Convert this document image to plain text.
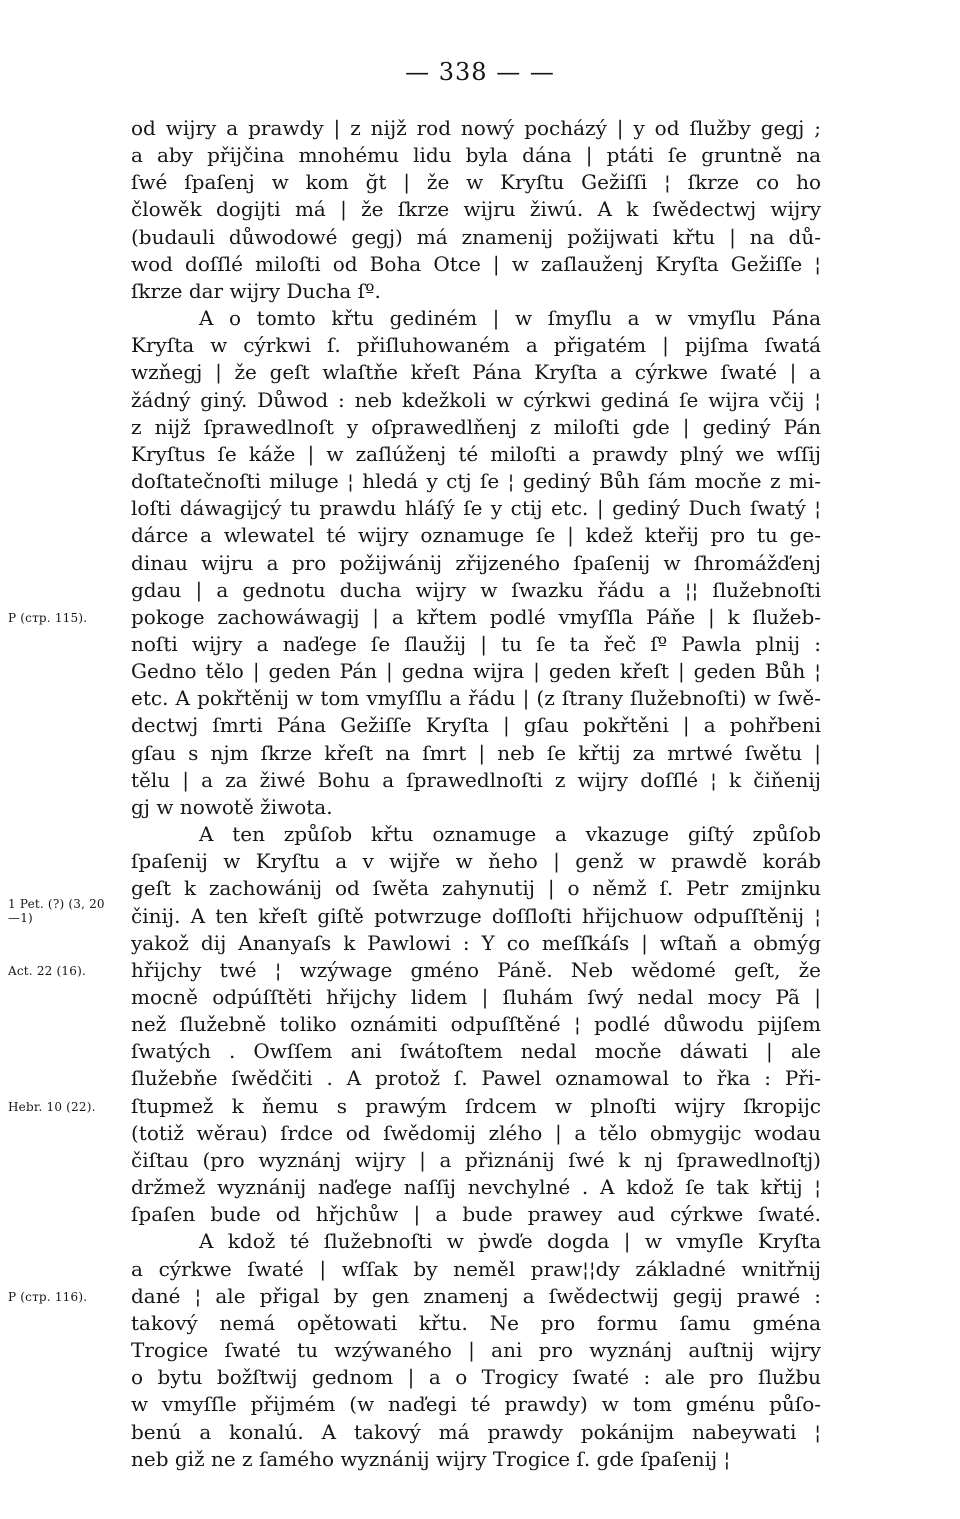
— 338 — —
od wijry a prawdy | z nijž rod nowý pocházý | y od ſlužby gegj ;
a aby přijčina mnohému lidu byla dána | ptáti ſe gruntně na
ſwé ſpaſenj w kom ğt | že w Kryſtu Gežiſſi ¦ ſkrze co ho
člowěk dogijti má | že ſkrze wijru žiwú. A k ſwědectwj wijry
(budauli důwodowé gegj) má znamenij požijwati křtu | na dů-
wod doſſlé miloſti od Boha Otce | w zaſlauženj Kryſta Gežiſſe ¦
ſkrze dar wijry Ducha ſº.
A o tomto křtu gediném | w ſmyſlu a w vmyſlu Pána
Kryſta w cýrkwi ſ. přiſluhowaném a přigatém | pijſma ſwatá
wzňegj | že geſt wlaſtňe křeſt Pána Kryſta a cýrkwe ſwaté | a
žádný giný. Důwod : neb kdežkoli w cýrkwi gediná ſe wijra včij ¦
z nijž ſprawedlnoſt y oſprawedlňenj z miloſti gde | gediný Pán
Kryſtus ſe káže | w zaſlúženj té miloſti a prawdy plný we wſſij
doſtatečnoſti miluge ¦ hledá y ctj ſe ¦ gediný Bůh ſám mocňe z mi-
loſti dáwagijcý tu prawdu hláſý ſe y ctij etc. | gediný Duch ſwatý ¦
dárce a wlewatel té wijry oznamuge ſe | kdež kteřij pro tu ge-
dinau wijru a pro požijwánij zřijzeného ſpaſenij w ſhromážďenj
gdau | a gednotu ducha wijry w ſwazku řádu a ¦¦ ſlužebnoſti
pokoge zachowáwagij | a křtem podlé vmyſſla Páňe | k ſlužeb-
noſti wijry a naďege ſe ſlaužij | tu ſe ta řeč ſº Pawla plnij :
Gedno tělo | geden Pán | gedna wijra | geden křeſt | geden Bůh ¦
etc. A pokřtěnij w tom vmyſſlu a řádu | (z ſtrany ſlužebnoſti) w ſwě-
dectwj ſmrti Pána Gežiſſe Kryſta | gſau pokřtěni | a pohřbeni
gſau s njm ſkrze křeſt na ſmrt | neb ſe křtij za mrtwé ſwětu |
tělu | a za žiwé Bohu a ſprawedlnoſti z wijry doſſlé ¦ k čiňenij
gj w nowotě žiwota.
A ten způſob křtu oznamuge a vkazuge giſtý způſob
ſpaſenij w Kryſtu a v wijře w ňeho | genž w prawdě koráb
geſt k zachowánij od ſwěta zahynutij | o němž ſ. Petr zmijnku
činij. A ten křeſt giſtě potwrzuge doſſloſti hřijchuow odpuſſtěnij ¦
yakož dij Ananyaſs k Pawlowi : Y co meſſkáſs | wſtaň a obmýg
hřijchy twé ¦ wzýwage gméno Páně. Neb wědomé geſt, že
mocně odpúſſtěti hřijchy lidem | ſluhám ſwý nedal mocy Pã |
než ſlužebně toliko oznámiti odpuſſtěné ¦ podlé důwodu pijſem
ſwatých . Owſſem ani ſwátoſtem nedal mocňe dáwati | ale
ſlužebňe ſwědčiti . A protož ſ. Pawel oznamowal to řka : Při-
ſtupmež k ňemu s prawým ſrdcem w plnoſti wijry ſkropijc
(totiž wěrau) ſrdce od ſwědomij zlého | a tělo obmygijc wodau
čiſtau (pro wyznánj wijry | a přiznánij ſwé k nj ſprawedlnoſtj)
držmež wyznánij naďege naſſij nevchylné . A kdož ſe tak křtij ¦
ſpaſen bude od hřjchůw | a bude prawey aud cýrkwe ſwaté.
A kdož té ſlužebnoſti w ṗwďe dogda | w vmyſle Kryſta
a cýrkwe ſwaté | wſſak by neměl praw¦¦dy základné wnitřnij
dané ¦ ale přigal by gen znamenj a ſwědectwij gegij prawé :
takový nemá opětowati křtu. Ne pro formu ſamu gména
Trogice ſwaté tu wzýwaného | ani pro wyznánj auſtnij wijry
o bytu božſtwij gednom | a o Trogicy ſwaté : ale pro ſlužbu
w vmyſſle přijmém (w naďegi té prawdy) w tom gménu půſo-
benú a konalú. A takový má prawdy pokánijm nabeywati ¦
neb giž ne z ſamého wyznánij wijry Trogice ſ. gde ſpaſenij ¦
P (стр. 115).
1 Pet. (?) (3, 20—1)
Act. 22 (16).
Hebr. 10 (22).
P (стр. 116).
